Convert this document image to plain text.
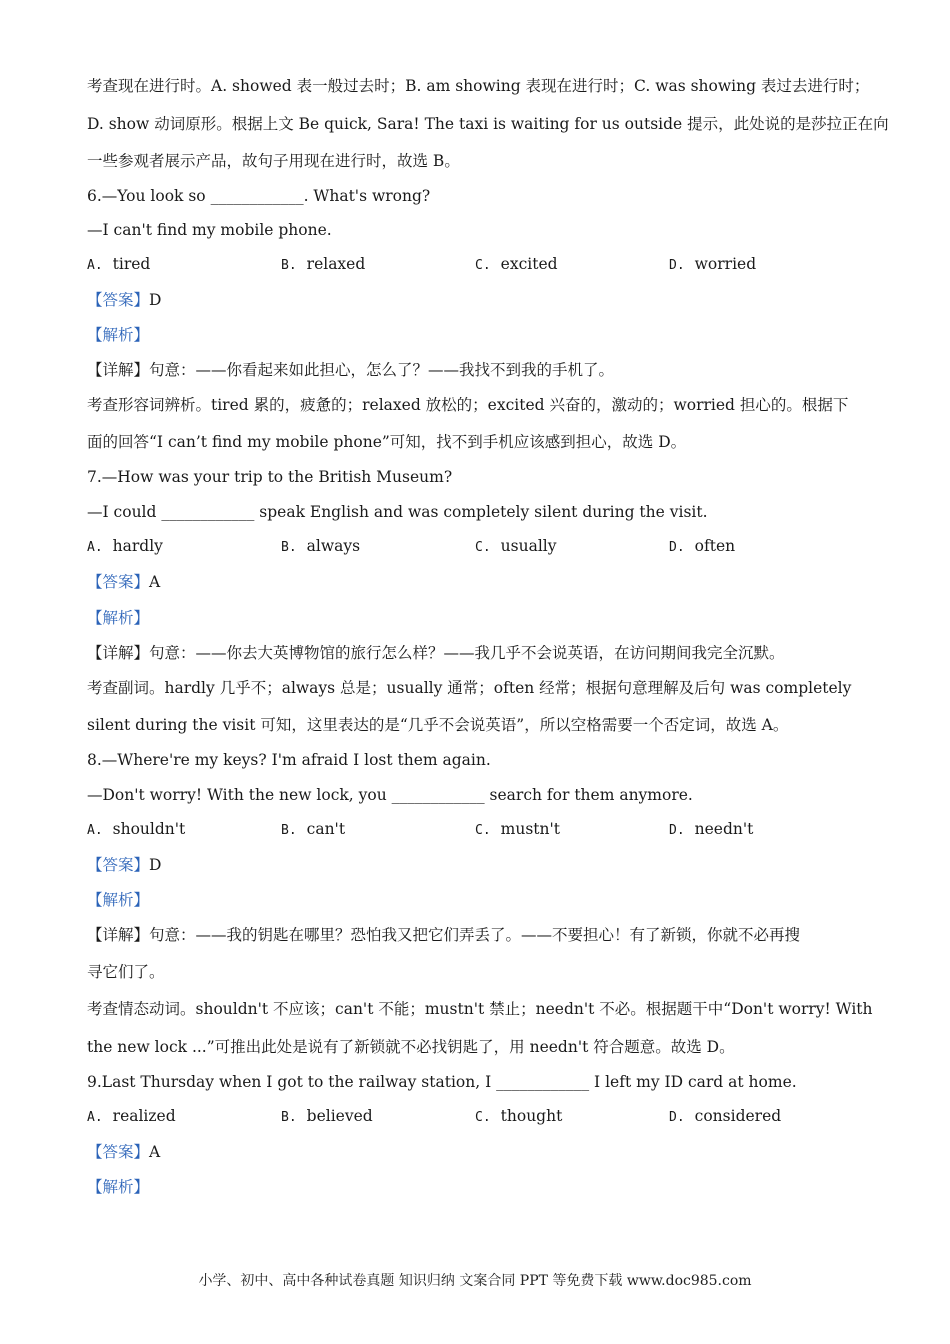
考查现在进行时。A. showed 表一般过去时；B. am showing 表现在进行时；C. was showing 表过去进行时；
D. show 动词原形。根据上文 Be quick, Sara! The taxi is waiting for us outside 提示，此处说的是莎拉正在向
一些参观者展示产品，故句子用现在进行时，故选 B。
6.—You look so ____________. What's wrong?
—I can't find my mobile phone.
A. tired	B. relaxed	C. excited	D. worried
【答案】D
【解析】
【详解】句意：——你看起来如此担心，怎么了？——我找不到我的手机了。
考查形容词辨析。tired 累的，疲惫的；relaxed 放松的；excited 兴奋的，激动的；worried 担心的。根据下
面的回答“I can’t find my mobile phone”可知，找不到手机应该感到担心，故选 D。
7.—How was your trip to the British Museum?
—I could ____________ speak English and was completely silent during the visit.
A. hardly	B. always	C. usually	D. often
【答案】A
【解析】
【详解】句意：——你去大英博物馆的旅行怎么样？——我几乎不会说英语，在访问期间我完全沉默。
考查副词。hardly 几乎不；always 总是；usually 通常；often 经常；根据句意理解及后句 was completely
silent during the visit 可知，这里表达的是“几乎不会说英语”，所以空格需要一个否定词，故选 A。
8.—Where're my keys? I'm afraid I lost them again.
—Don't worry! With the new lock, you ____________ search for them anymore.
A. shouldn't	B. can't	C. mustn't	D. needn't
【答案】D
【解析】
【详解】句意：——我的钥匙在哪里？恐怕我又把它们弄丢了。——不要担心！有了新锁，你就不必再搜
寻它们了。
考查情态动词。shouldn't 不应该；can't 不能；mustn't 禁止；needn't 不必。根据题干中“Don't worry! With
the new lock ...”可推出此处是说有了新锁就不必找钥匙了，用 needn't 符合题意。故选 D。
9.Last Thursday when I got to the railway station, I ____________ I left my ID card at home.
A. realized	B. believed	C. thought	D. considered
【答案】A
【解析】
小学、初中、高中各种试卷真题 知识归纳 文案合同 PPT 等免费下载 www.doc985.com
